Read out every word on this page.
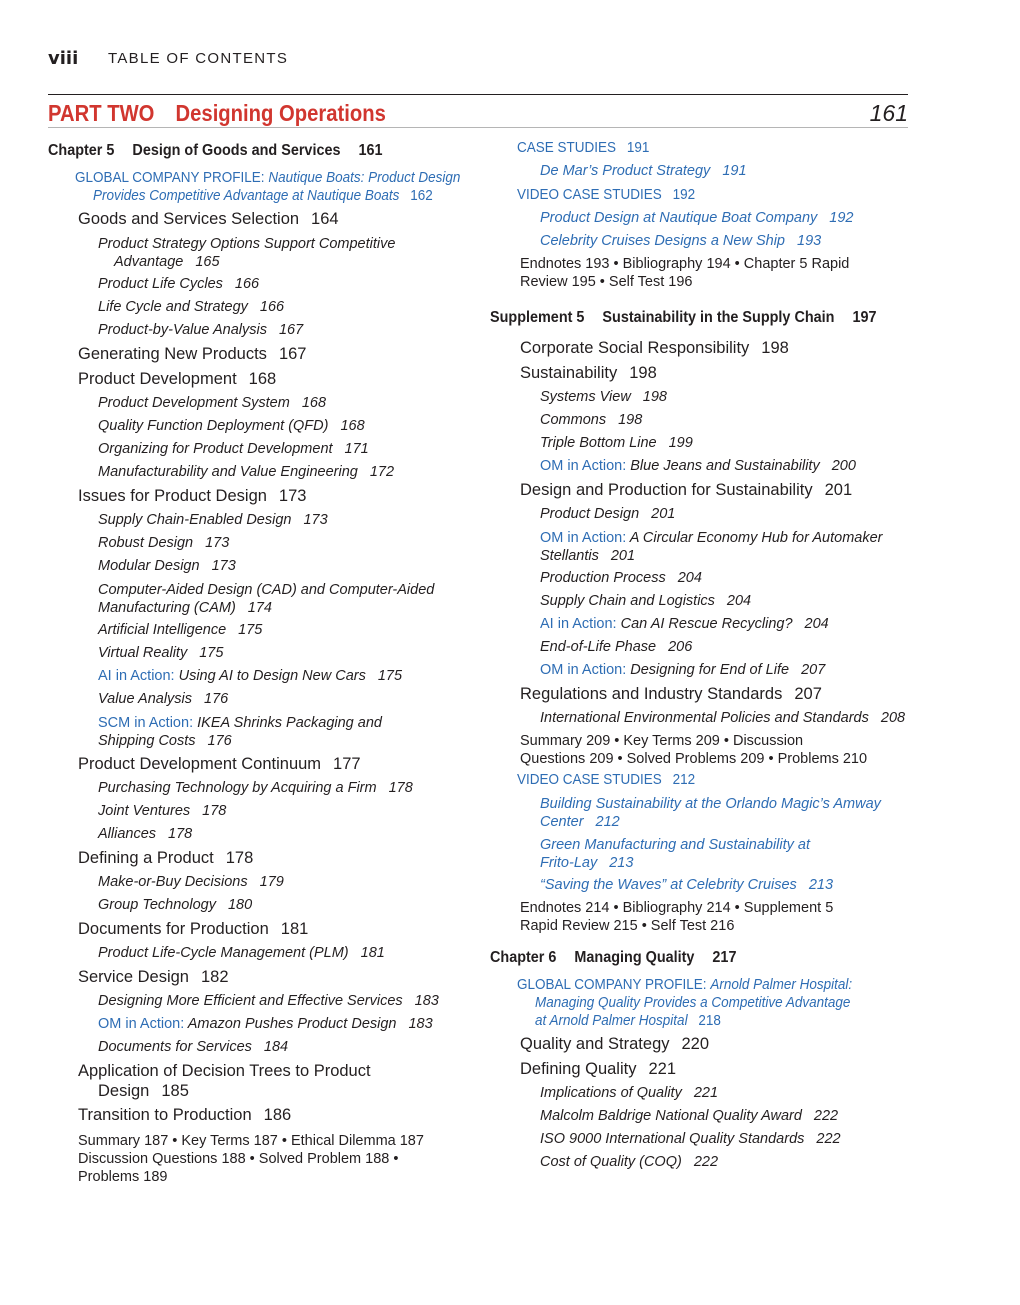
viii TABLE OF CONTENTS
PART TWO Designing Operations	161
Chapter 5 Design of Goods and Services 161
GLOBAL COMPANY PROFILE: Nautique Boats: Product Design
Provides Competitive Advantage at Nautique Boats 162
Goods and Services Selection 164
Product Strategy Options Support Competitive
Advantage 165
Product Life Cycles 166
Life Cycle and Strategy 166
Product-by-Value Analysis 167
Generating New Products 167
Product Development 168
Product Development System 168
Quality Function Deployment (QFD) 168
Organizing for Product Development 171
Manufacturability and Value Engineering 172
Issues for Product Design 173
Supply Chain-Enabled Design 173
Robust Design 173
Modular Design 173
Computer-Aided Design (CAD) and Computer-Aided
Manufacturing (CAM) 174
Artificial Intelligence 175
Virtual Reality 175
AI in Action: Using AI to Design New Cars 175
Value Analysis 176
SCM in Action: IKEA Shrinks Packaging and
Shipping Costs 176
Product Development Continuum 177
Purchasing Technology by Acquiring a Firm 178
Joint Ventures 178
Alliances 178
Defining a Product 178
Make-or-Buy Decisions 179
Group Technology 180
Documents for Production 181
Product Life-Cycle Management (PLM) 181
Service Design 182
Designing More Efficient and Effective Services 183
OM in Action: Amazon Pushes Product Design 183
Documents for Services 184
Application of Decision Trees to Product
Design 185
Transition to Production 186
Summary 187 • Key Terms 187 • Ethical Dilemma 187
Discussion Questions 188 • Solved Problem 188 •
Problems 189
CASE STUDIES 191
De Mar’s Product Strategy 191
VIDEO CASE STUDIES 192
Product Design at Nautique Boat Company 192
Celebrity Cruises Designs a New Ship 193
Endnotes 193 • Bibliography 194 • Chapter 5 Rapid
Review 195 • Self Test 196
Supplement 5 Sustainability in the Supply Chain 197
Corporate Social Responsibility 198
Sustainability 198
Systems View 198
Commons 198
Triple Bottom Line 199
OM in Action: Blue Jeans and Sustainability 200
Design and Production for Sustainability 201
Product Design 201
OM in Action: A Circular Economy Hub for Automaker
Stellantis 201
Production Process 204
Supply Chain and Logistics 204
AI in Action: Can AI Rescue Recycling? 204
End-of-Life Phase 206
OM in Action: Designing for End of Life 207
Regulations and Industry Standards 207
International Environmental Policies and Standards 208
Summary 209 • Key Terms 209 • Discussion
Questions 209 • Solved Problems 209 • Problems 210
VIDEO CASE STUDIES 212
Building Sustainability at the Orlando Magic’s Amway
Center 212
Green Manufacturing and Sustainability at
Frito-Lay 213
“Saving the Waves” at Celebrity Cruises 213
Endnotes 214 • Bibliography 214 • Supplement 5
Rapid Review 215 • Self Test 216
Chapter 6 Managing Quality 217
GLOBAL COMPANY PROFILE: Arnold Palmer Hospital:
Managing Quality Provides a Competitive Advantage
at Arnold Palmer Hospital 218
Quality and Strategy 220
Defining Quality 221
Implications of Quality 221
Malcolm Baldrige National Quality Award 222
ISO 9000 International Quality Standards 222
Cost of Quality (COQ) 222
